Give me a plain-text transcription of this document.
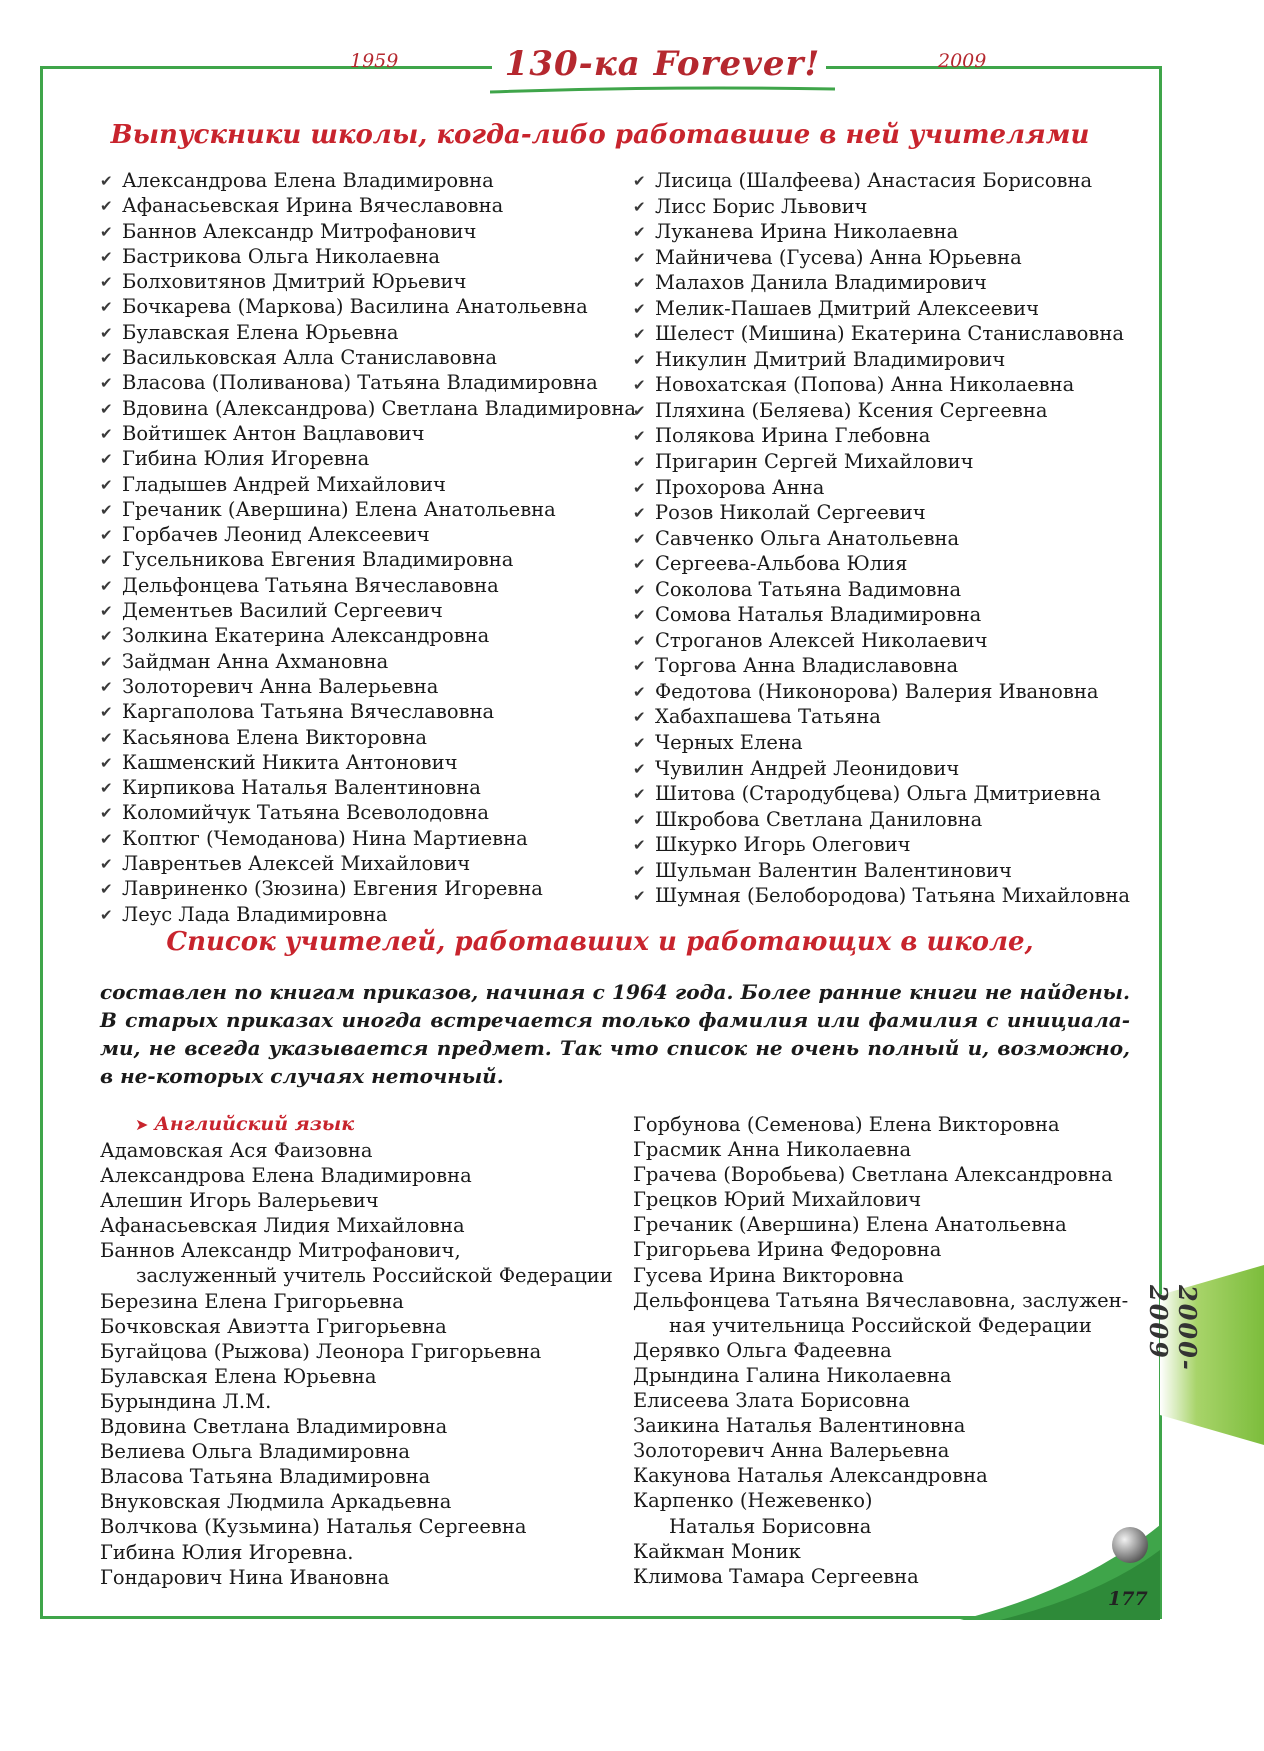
1959	130-ка Forever!	2009
Выпускники школы, когда-либо работавшие в ней учителями
✔ Александрова Елена Владимировна
✔ Афанасьевская Ирина Вячеславовна
✔ Баннов Александр Митрофанович
✔ Бастрикова Ольга Николаевна
✔ Болховитянов Дмитрий Юрьевич
✔ Бочкарева (Маркова) Василина Анатольевна
✔ Булавская Елена Юрьевна
✔ Васильковская Алла Станиславовна
✔ Власова (Поливанова) Татьяна Владимировна
✔ Вдовина (Александрова) Светлана Владимировна
✔ Войтишек Антон Вацлавович
✔ Гибина Юлия Игоревна
✔ Гладышев Андрей Михайлович
✔ Гречаник (Авершина) Елена Анатольевна
✔ Горбачев Леонид Алексеевич
✔ Гусельникова Евгения Владимировна
✔ Дельфонцева Татьяна Вячеславовна
✔ Дементьев Василий Сергеевич
✔ Золкина Екатерина Александровна
✔ Зайдман Анна Ахмановна
✔ Золоторевич Анна Валерьевна
✔ Каргаполова Татьяна Вячеславовна
✔ Касьянова Елена Викторовна
✔ Кашменский Никита Антонович
✔ Кирпикова Наталья Валентиновна
✔ Коломийчук Татьяна Всеволодовна
✔ Коптюг (Чемоданова) Нина Мартиевна
✔ Лаврентьев Алексей Михайлович
✔ Лавриненко (Зюзина) Евгения Игоревна
✔ Леус Лада Владимировна
✔ Лисица (Шалфеева) Анастасия Борисовна
✔ Лисс Борис Львович
✔ Луканева Ирина Николаевна
✔ Майничева (Гусева) Анна Юрьевна
✔ Малахов Данила Владимирович
✔ Мелик-Пашаев Дмитрий Алексеевич
✔ Шелест (Мишина) Екатерина Станиславовна
✔ Никулин Дмитрий Владимирович
✔ Новохатская (Попова) Анна Николаевна
✔ Пляхина (Беляева) Ксения Сергеевна
✔ Полякова Ирина Глебовна
✔ Пригарин Сергей Михайлович
✔ Прохорова Анна
✔ Розов Николай Сергеевич
✔ Савченко Ольга Анатольевна
✔ Сергеева-Альбова Юлия
✔ Соколова Татьяна Вадимовна
✔ Сомова Наталья Владимировна
✔ Строганов Алексей Николаевич
✔ Торгова Анна Владиславовна
✔ Федотова (Никонорова) Валерия Ивановна
✔ Хабахпашева Татьяна
✔ Черных Елена
✔ Чувилин Андрей Леонидович
✔ Шитова (Стародубцева) Ольга Дмитриевна
✔ Шкробова Светлана Даниловна
✔ Шкурко Игорь Олегович
✔ Шульман Валентин Валентинович
✔ Шумная (Белобородова) Татьяна Михайловна
Список учителей, работавших и работающих в школе,

составлен по книгам приказов, начиная с 1964 года. Более ранние книги не найдены. В старых приказах иногда встречается только фамилия или фамилия с инициала-ми, не всегда указывается предмет. Так что список не очень полный и, возможно, в не-которых случаях неточный.

➤ Английский язык
Адамовская Ася Фаизовна
Александрова Елена Владимировна
Алешин Игорь Валерьевич
Афанасьевская Лидия Михайловна
Баннов Александр Митрофанович,
заслуженный учитель Российской Федерации
Березина Елена Григорьевна
Бочковская Авиэтта Григорьевна
Бугайцова (Рыжова) Леонора Григорьевна
Булавская Елена Юрьевна
Бурындина Л.М.
Вдовина Светлана Владимировна
Велиева Ольга Владимировна
Власова Татьяна Владимировна
Внуковская Людмила Аркадьевна
Волчкова (Кузьмина) Наталья Сергеевна
Гибина Юлия Игоревна.
Гондарович Нина Ивановна
Горбунова (Семенова) Елена Викторовна
Грасмик Анна Николаевна
Грачева (Воробьева) Светлана Александровна
Грецков Юрий Михайлович
Гречаник (Авершина) Елена Анатольевна
Григорьева Ирина Федоровна
Гусева Ирина Викторовна
Дельфонцева Татьяна Вячеславовна, заслужен-
ная учительница Российской Федерации
Дерявко Ольга Фадеевна
Дрындина Галина Николаевна
Елисеева Злата Борисовна
Заикина Наталья Валентиновна
Золоторевич Анна Валерьевна
Какунова Наталья Александровна
Карпенко (Нежевенко)
Наталья Борисовна
Кайкман Моник
Климова Тамара Сергеевна
2000-2009
177
